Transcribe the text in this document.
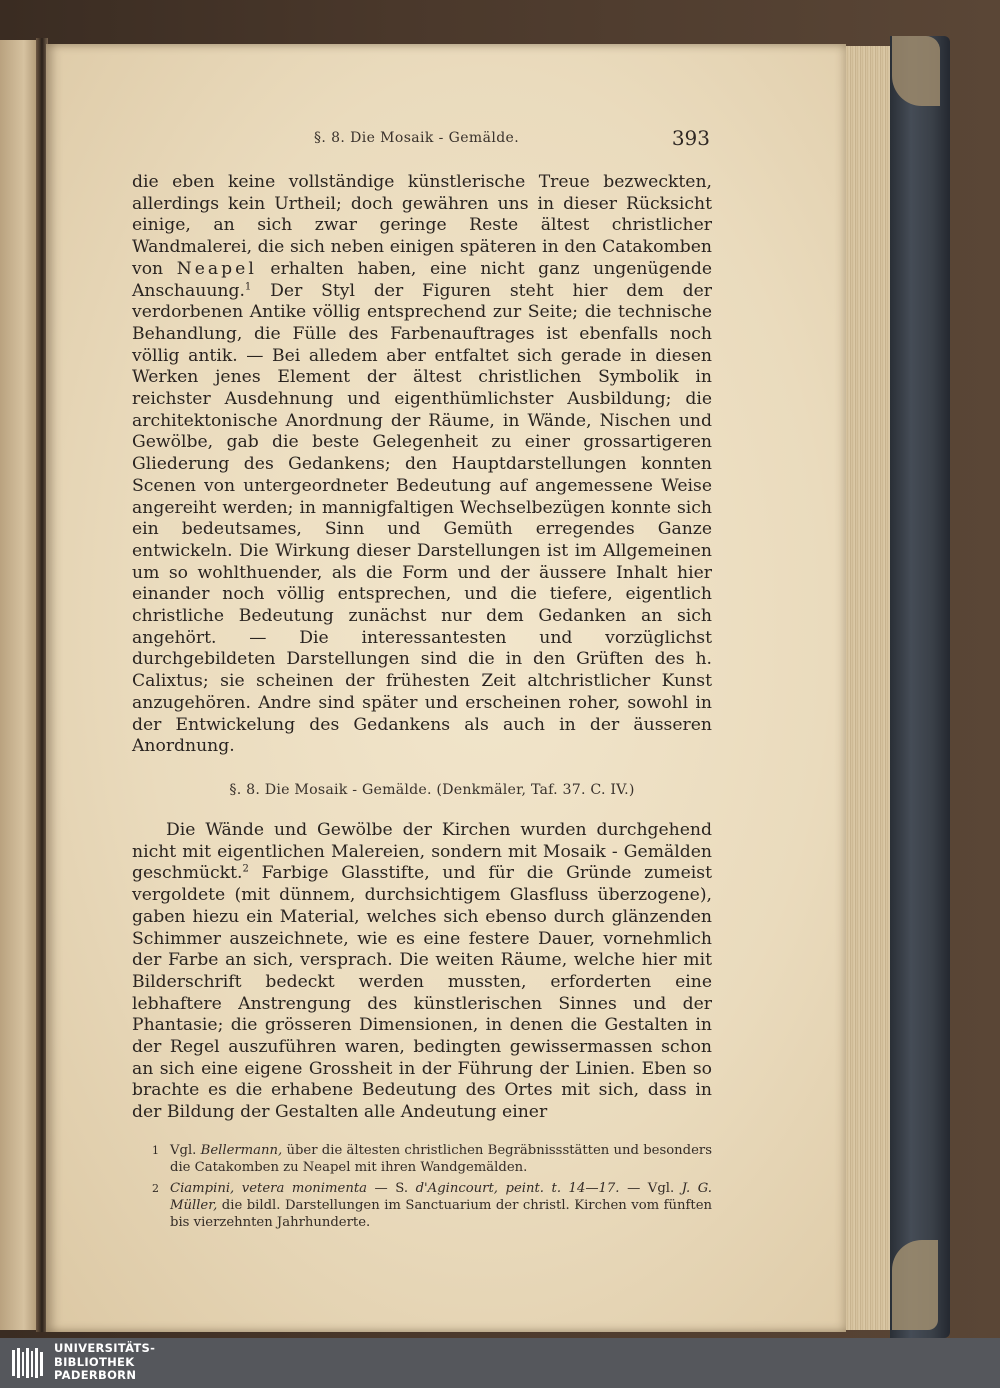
§. 8. Die Mosaik - Gemälde.	393

die eben keine vollständige künstlerische Treue bezweckten, allerdings kein Urtheil; doch gewähren uns in dieser Rücksicht einige, an sich zwar geringe Reste ältest christlicher Wandmalerei, die sich neben einigen späteren in den Catakomben von Neapel erhalten haben, eine nicht ganz ungenügende Anschauung.$^1$ Der Styl der Figuren steht hier dem der verdorbenen Antike völlig entsprechend zur Seite; die technische Behandlung, die Fülle des Farbenauftrages ist ebenfalls noch völlig antik. — Bei alledem aber entfaltet sich gerade in diesen Werken jenes Element der ältest christlichen Symbolik in reichster Ausdehnung und eigenthümlichster Ausbildung; die architektonische Anordnung der Räume, in Wände, Nischen und Gewölbe, gab die beste Gelegenheit zu einer grossartigeren Gliederung des Gedankens; den Hauptdarstellungen konnten Scenen von untergeordneter Bedeutung auf angemessene Weise angereiht werden; in mannigfaltigen Wechselbezügen konnte sich ein bedeutsames, Sinn und Gemüth erregendes Ganze entwickeln. Die Wirkung dieser Darstellungen ist im Allgemeinen um so wohlthuender, als die Form und der äussere Inhalt hier einander noch völlig entsprechen, und die tiefere, eigentlich christliche Bedeutung zunächst nur dem Gedanken an sich angehört. — Die interessantesten und vorzüglichst durchgebildeten Darstellungen sind die in den Grüften des h. Calixtus; sie scheinen der frühesten Zeit altchristlicher Kunst anzugehören. Andre sind später und erscheinen roher, sowohl in der Entwickelung des Gedankens als auch in der äusseren Anordnung.

§. 8. Die Mosaik - Gemälde. (Denkmäler, Taf. 37. C. IV.)

Die Wände und Gewölbe der Kirchen wurden durchgehend nicht mit eigentlichen Malereien, sondern mit Mosaik - Gemälden geschmückt.$^2$ Farbige Glasstifte, und für die Gründe zumeist vergoldete (mit dünnem, durchsichtigem Glasfluss überzogene), gaben hiezu ein Material, welches sich ebenso durch glänzenden Schimmer auszeichnete, wie es eine festere Dauer, vornehmlich der Farbe an sich, versprach. Die weiten Räume, welche hier mit Bilderschrift bedeckt werden mussten, erforderten eine lebhaftere Anstrengung des künstlerischen Sinnes und der Phantasie; die grösseren Dimensionen, in denen die Gestalten in der Regel auszuführen waren, bedingten gewissermassen schon an sich eine eigene Grossheit in der Führung der Linien. Eben so brachte es die erhabene Bedeutung des Ortes mit sich, dass in der Bildung der Gestalten alle Andeutung einer

1 Vgl. Bellermann, über die ältesten christlichen Begräbnissstätten und besonders die Catakomben zu Neapel mit ihren Wandgemälden.
2 Ciampini, vetera monimenta — S. d'Agincourt, peint. t. 14—17. — Vgl. J. G. Müller, die bildl. Darstellungen im Sanctuarium der christl. Kirchen vom fünften bis vierzehnten Jahrhunderte.
UNIVERSITÄTS-
BIBLIOTHEK
PADERBORN
